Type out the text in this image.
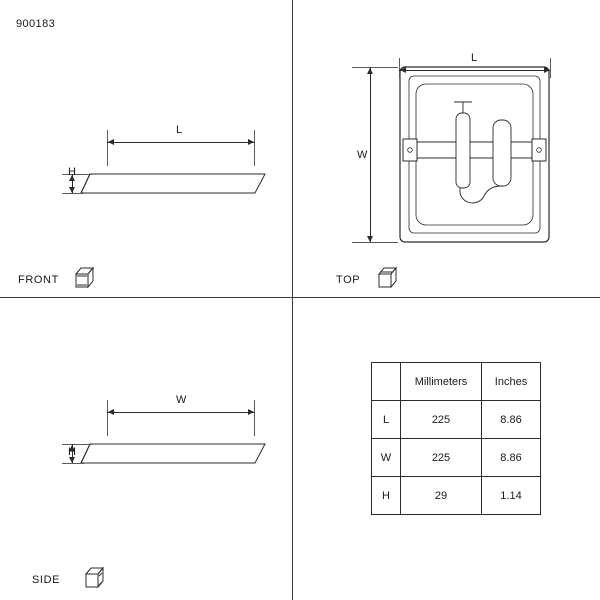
900183
L
H
FRONT
L
W
TOP
W
H
SIDE
	Millimeters	Inches
L	225	8.86
W	225	8.86
H	29	1.14
